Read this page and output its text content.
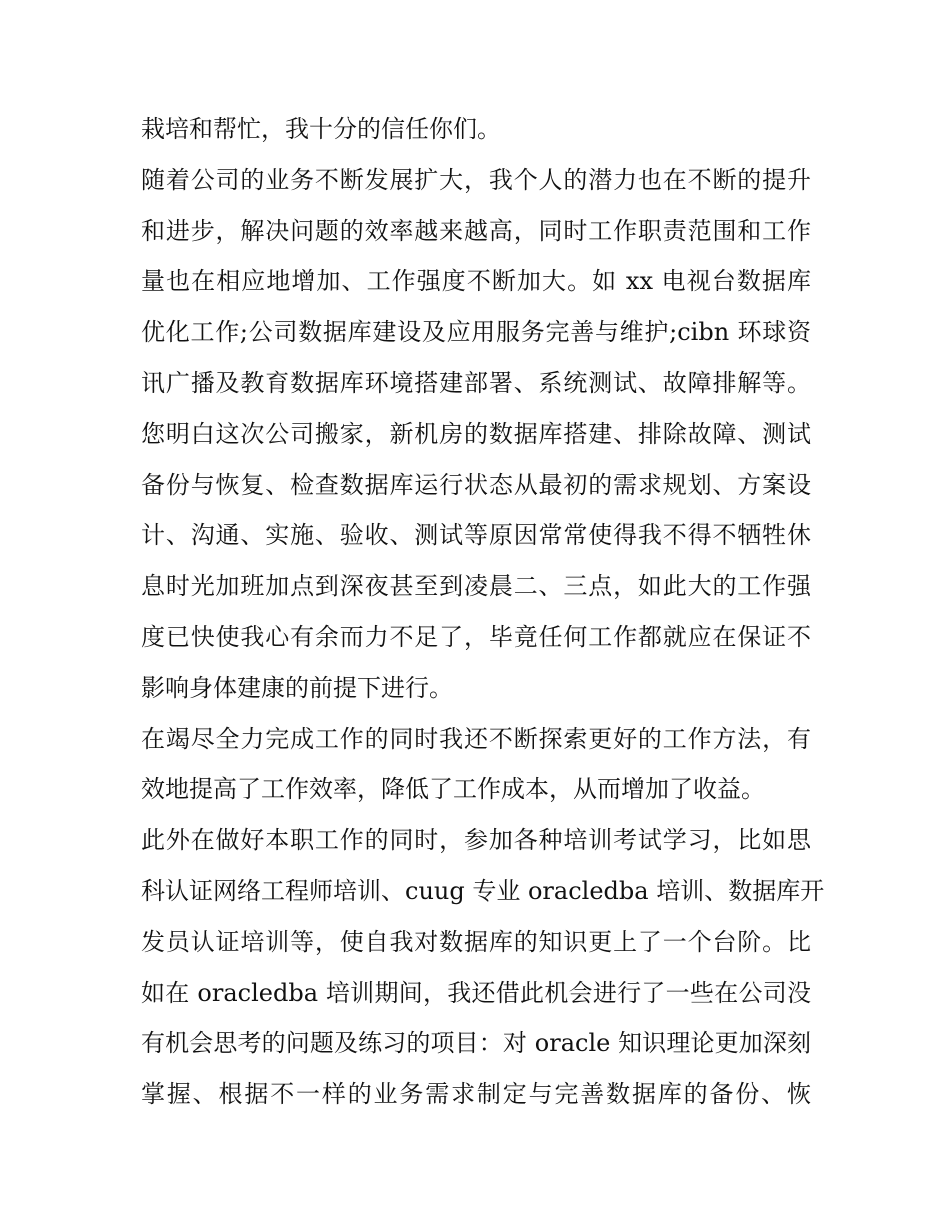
栽培和帮忙，我十分的信任你们。
随着公司的业务不断发展扩大，我个人的潜力也在不断的提升
和进步，解决问题的效率越来越高，同时工作职责范围和工作
量也在相应地增加、工作强度不断加大。如 xx 电视台数据库
优化工作;公司数据库建设及应用服务完善与维护;cibn 环球资
讯广播及教育数据库环境搭建部署、系统测试、故障排解等。
您明白这次公司搬家，新机房的数据库搭建、排除故障、测试
备份与恢复、检查数据库运行状态从最初的需求规划、方案设
计、沟通、实施、验收、测试等原因常常使得我不得不牺牲休
息时光加班加点到深夜甚至到凌晨二、三点，如此大的工作强
度已快使我心有余而力不足了，毕竟任何工作都就应在保证不
影响身体建康的前提下进行。
在竭尽全力完成工作的同时我还不断探索更好的工作方法，有
效地提高了工作效率，降低了工作成本，从而增加了收益。
此外在做好本职工作的同时，参加各种培训考试学习，比如思
科认证网络工程师培训、cuug 专业 oracledba 培训、数据库开
发员认证培训等，使自我对数据库的知识更上了一个台阶。比
如在 oracledba 培训期间，我还借此机会进行了一些在公司没
有机会思考的问题及练习的项目：对 oracle 知识理论更加深刻
掌握、根据不一样的业务需求制定与完善数据库的备份、恢
